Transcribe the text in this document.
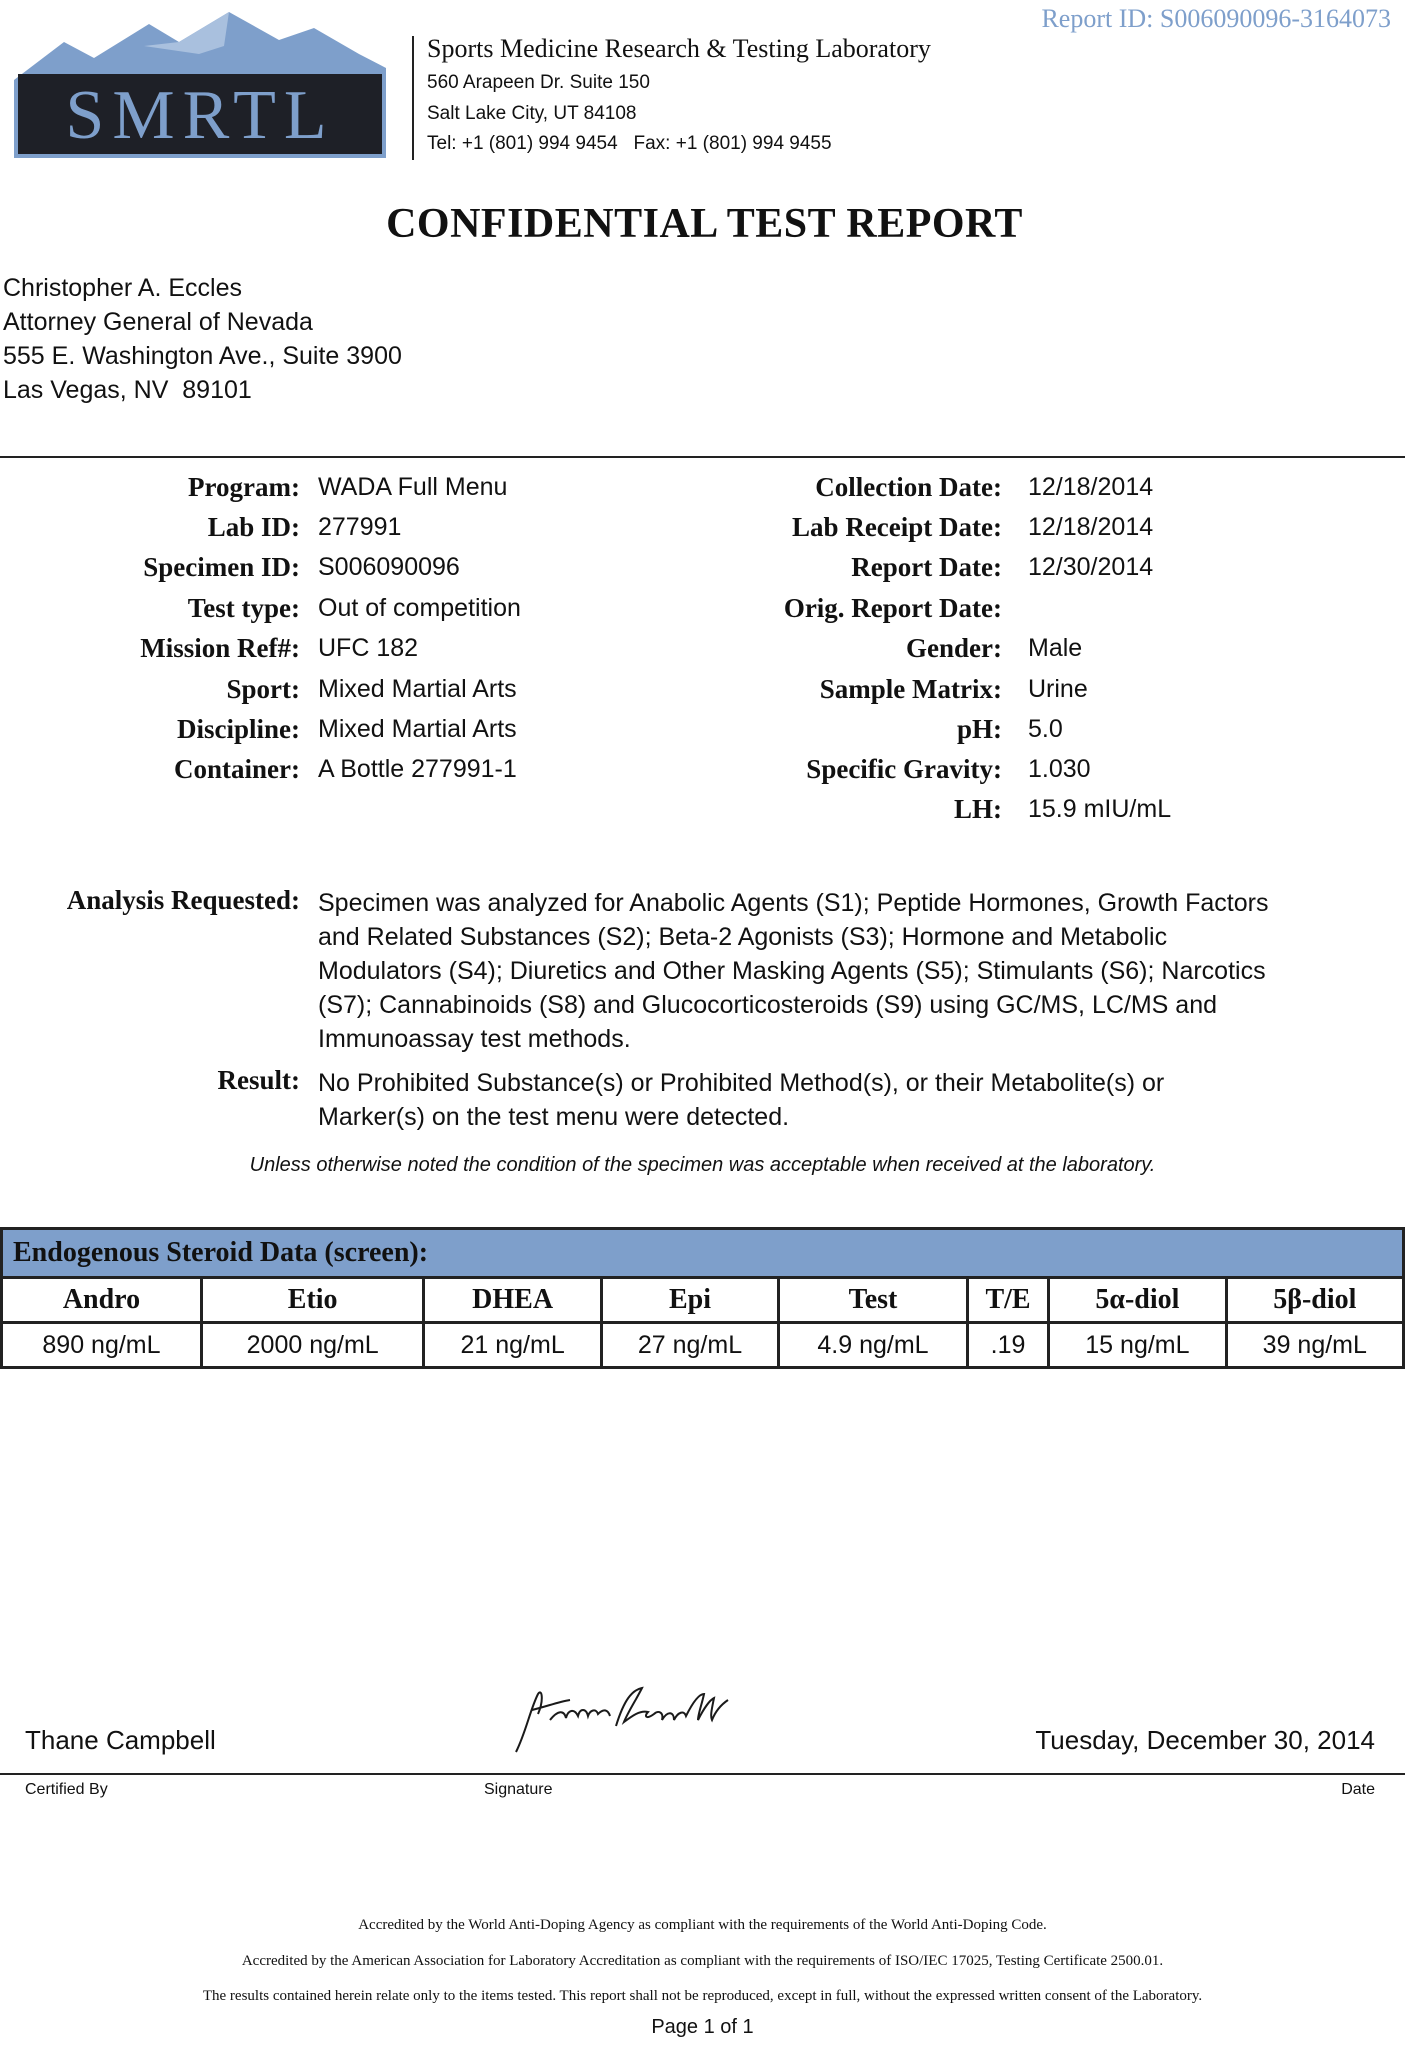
SMRTL
Sports Medicine Research & Testing Laboratory
560 Arapeen Dr. Suite 150
Salt Lake City, UT 84108
Tel: +1 (801) 994 9454   Fax: +1 (801) 994 9455
Report ID: S006090096-3164073
CONFIDENTIAL TEST REPORT
Christopher A. Eccles
Attorney General of Nevada
555 E. Washington Ave., Suite 3900
Las Vegas, NV  89101
Program: WADA Full Menu
Lab ID: 277991
Specimen ID: S006090096
Test type: Out of competition
Mission Ref#: UFC 182
Sport: Mixed Martial Arts
Discipline: Mixed Martial Arts
Container: A Bottle 277991-1
Collection Date: 12/18/2014
Lab Receipt Date: 12/18/2014
Report Date: 12/30/2014
Orig. Report Date:
Gender: Male
Sample Matrix: Urine
pH: 5.0
Specific Gravity: 1.030
LH: 15.9 mIU/mL
Analysis Requested: Specimen was analyzed for Anabolic Agents (S1); Peptide Hormones, Growth Factors
and Related Substances (S2); Beta-2 Agonists (S3); Hormone and Metabolic
Modulators (S4); Diuretics and Other Masking Agents (S5); Stimulants (S6); Narcotics
(S7); Cannabinoids (S8) and Glucocorticosteroids (S9) using GC/MS, LC/MS and
Immunoassay test methods.
Result: No Prohibited Substance(s) or Prohibited Method(s), or their Metabolite(s) or
Marker(s) on the test menu were detected.
Unless otherwise noted the condition of the specimen was acceptable when received at the laboratory.
Endogenous Steroid Data (screen):							
Andro	Etio	DHEA	Epi	Test	T/E	5α-diol	5β-diol
890 ng/mL	2000 ng/mL	21 ng/mL	27 ng/mL	4.9 ng/mL	.19	15 ng/mL	39 ng/mL
Thane Campbell	Tuesday, December 30, 2014
Certified By	Signature	Date
Accredited by the World Anti-Doping Agency as compliant with the requirements of the World Anti-Doping Code.
Accredited by the American Association for Laboratory Accreditation as compliant with the requirements of ISO/IEC 17025, Testing Certificate 2500.01.
The results contained herein relate only to the items tested. This report shall not be reproduced, except in full, without the expressed written consent of the Laboratory.
Page 1 of 1
